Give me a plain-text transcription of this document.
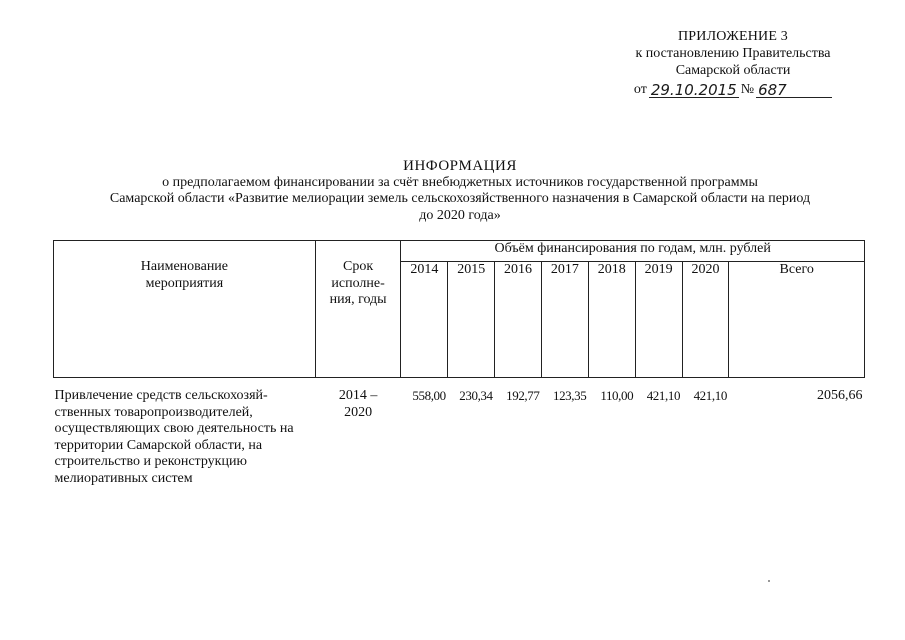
ПРИЛОЖЕНИЕ 3
к постановлению Правительства
Самарской области
от 29.10.2015 № 687
ИНФОРМАЦИЯ
о предполагаемом финансировании за счёт внебюджетных источников государственной программы
Самарской области «Развитие мелиорации земель сельскохозяйственного назначения в Самарской области на период
до 2020 года»
Наименование мероприятия	Срок исполне-ния, годы	Объём финансирования по годам, млн. рублей							
		2014	2015	2016	2017	2018	2019	2020	Всего
Привлечение средств сельскохозяй-ственных товаропроизводителей, осуществляющих свою деятельность на территории Самарской области, на строительство и реконструкцию мелиоративных систем	2014 – 2020	558,00	230,34	192,77	123,35	110,00	421,10	421,10	2056,66
